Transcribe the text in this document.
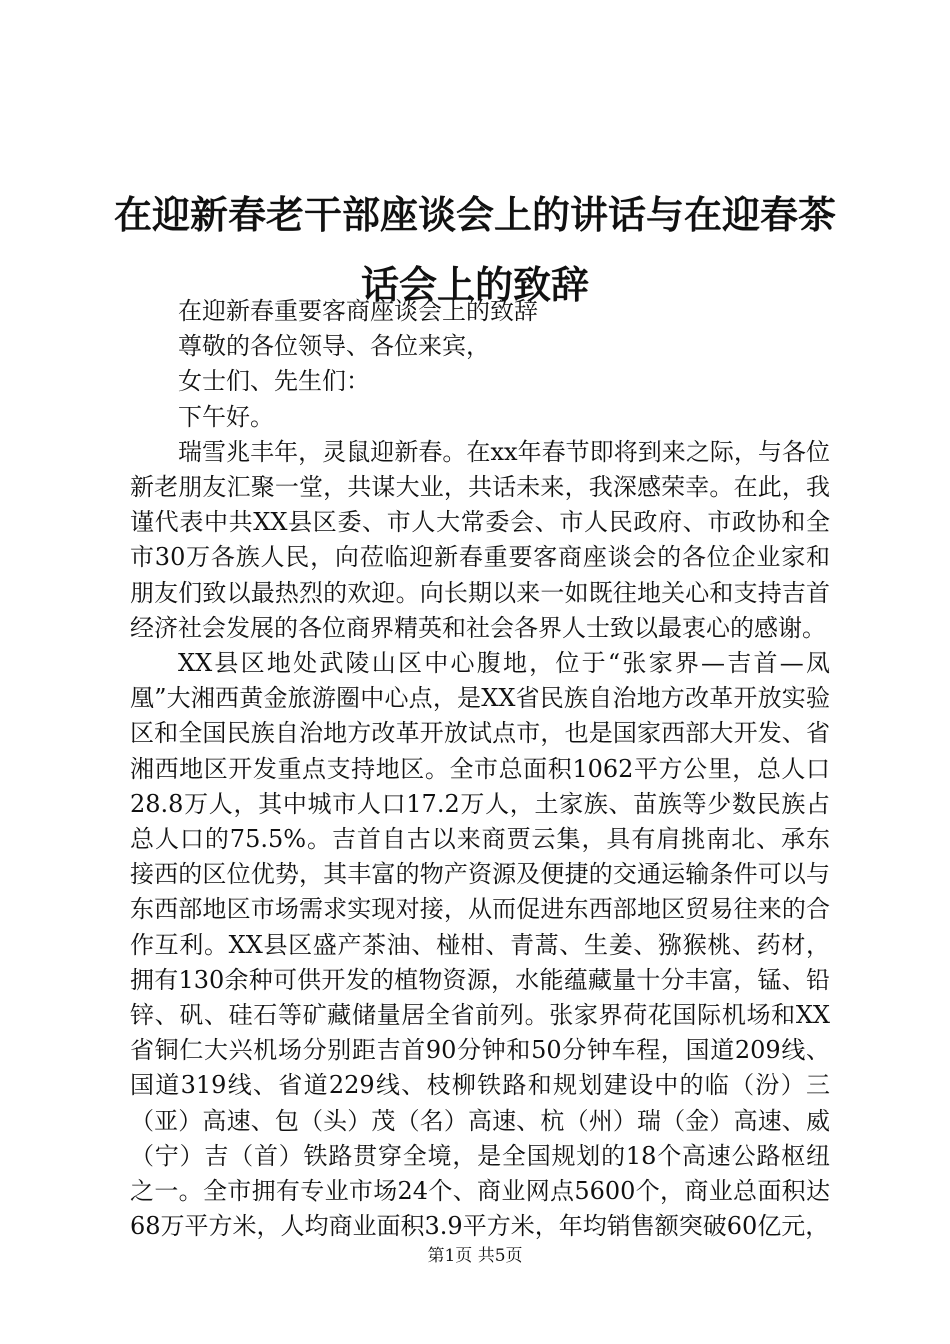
在迎新春老干部座谈会上的讲话与在迎春茶话会上的致辞

在迎新春重要客商座谈会上的致辞

尊敬的各位领导、各位来宾，

女士们、先生们：

下午好。

瑞雪兆丰年，灵鼠迎新春。在xx年春节即将到来之际，与各位新老朋友汇聚一堂，共谋大业，共话未来，我深感荣幸。在此，我谨代表中共XX县区委、市人大常委会、市人民政府、市政协和全市30万各族人民，向莅临迎新春重要客商座谈会的各位企业家和朋友们致以最热烈的欢迎。向长期以来一如既往地关心和支持吉首经济社会发展的各位商界精英和社会各界人士致以最衷心的感谢。

XX县区地处武陵山区中心腹地，位于“张家界—吉首—凤凰”大湘西黄金旅游圈中心点，是XX省民族自治地方改革开放实验区和全国民族自治地方改革开放试点市，也是国家西部大开发、省湘西地区开发重点支持地区。全市总面积1062平方公里，总人口28.8万人，其中城市人口17.2万人，土家族、苗族等少数民族占总人口的75.5%。吉首自古以来商贾云集，具有肩挑南北、承东接西的区位优势，其丰富的物产资源及便捷的交通运输条件可以与东西部地区市场需求实现对接，从而促进东西部地区贸易往来的合作互利。XX县区盛产茶油、椪柑、青蒿、生姜、猕猴桃、药材，拥有130余种可供开发的植物资源，水能蕴藏量十分丰富，锰、铅锌、矾、硅石等矿藏储量居全省前列。张家界荷花国际机场和XX省铜仁大兴机场分别距吉首90分钟和50分钟车程，国道209线、国道319线、省道229线、枝柳铁路和规划建设中的临（汾）三（亚）高速、包（头）茂（名）高速、杭（州）瑞（金）高速、威（宁）吉（首）铁路贯穿全境，是全国规划的18个高速公路枢纽之一。全市拥有专业市场24个、商业网点5600个，商业总面积达68万平方米，人均商业面积3.9平方米，年均销售额突破60亿元，

第1页 共5页
